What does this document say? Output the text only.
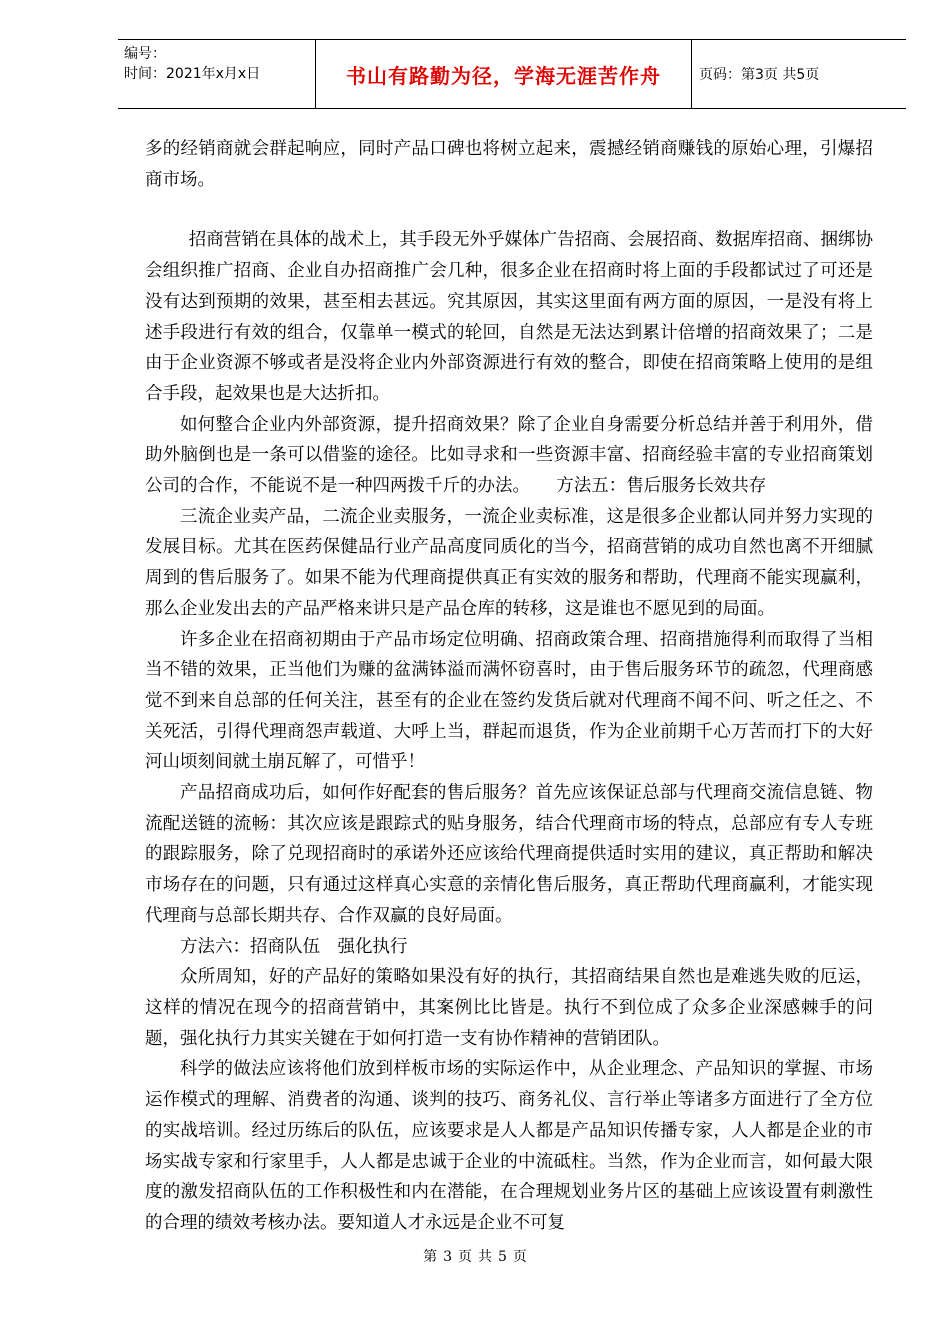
编号：
时间：2021年x月x日	书山有路勤为径，学海无涯苦作舟	页码：第3页 共5页

多的经销商就会群起响应，同时产品口碑也将树立起来，震撼经销商赚钱的原始心理，引爆招商市场。

招商营销在具体的战术上，其手段无外乎媒体广告招商、会展招商、数据库招商、捆绑协会组织推广招商、企业自办招商推广会几种，很多企业在招商时将上面的手段都试过了可还是没有达到预期的效果，甚至相去甚远。究其原因，其实这里面有两方面的原因，一是没有将上述手段进行有效的组合，仅靠单一模式的轮回，自然是无法达到累计倍增的招商效果了；二是由于企业资源不够或者是没将企业内外部资源进行有效的整合，即使在招商策略上使用的是组合手段，起效果也是大达折扣。

如何整合企业内外部资源，提升招商效果？除了企业自身需要分析总结并善于利用外，借助外脑倒也是一条可以借鉴的途径。比如寻求和一些资源丰富、招商经验丰富的专业招商策划公司的合作，不能说不是一种四两拨千斤的办法。　　方法五：售后服务长效共存

三流企业卖产品，二流企业卖服务，一流企业卖标准，这是很多企业都认同并努力实现的发展目标。尤其在医药保健品行业产品高度同质化的当今，招商营销的成功自然也离不开细腻周到的售后服务了。如果不能为代理商提供真正有实效的服务和帮助，代理商不能实现赢利，那么企业发出去的产品严格来讲只是产品仓库的转移，这是谁也不愿见到的局面。

许多企业在招商初期由于产品市场定位明确、招商政策合理、招商措施得利而取得了当相当不错的效果，正当他们为赚的盆满钵溢而满怀窃喜时，由于售后服务环节的疏忽，代理商感觉不到来自总部的任何关注，甚至有的企业在签约发货后就对代理商不闻不问、听之任之、不关死活，引得代理商怨声载道、大呼上当，群起而退货，作为企业前期千心万苦而打下的大好河山顷刻间就土崩瓦解了，可惜乎！

产品招商成功后，如何作好配套的售后服务？首先应该保证总部与代理商交流信息链、物流配送链的流畅：其次应该是跟踪式的贴身服务，结合代理商市场的特点，总部应有专人专班的跟踪服务，除了兑现招商时的承诺外还应该给代理商提供适时实用的建议，真正帮助和解决市场存在的问题，只有通过这样真心实意的亲情化售后服务，真正帮助代理商赢利，才能实现代理商与总部长期共存、合作双赢的良好局面。

方法六：招商队伍　强化执行

众所周知，好的产品好的策略如果没有好的执行，其招商结果自然也是难逃失败的厄运，这样的情况在现今的招商营销中，其案例比比皆是。执行不到位成了众多企业深感棘手的问题，强化执行力其实关键在于如何打造一支有协作精神的营销团队。

科学的做法应该将他们放到样板市场的实际运作中，从企业理念、产品知识的掌握、市场运作模式的理解、消费者的沟通、谈判的技巧、商务礼仪、言行举止等诸多方面进行了全方位的实战培训。经过历练后的队伍，应该要求是人人都是产品知识传播专家，人人都是企业的市场实战专家和行家里手，人人都是忠诚于企业的中流砥柱。当然，作为企业而言，如何最大限度的激发招商队伍的工作积极性和内在潜能，在合理规划业务片区的基础上应该设置有刺激性的合理的绩效考核办法。要知道人才永远是企业不可复

第 3 页 共 5 页
